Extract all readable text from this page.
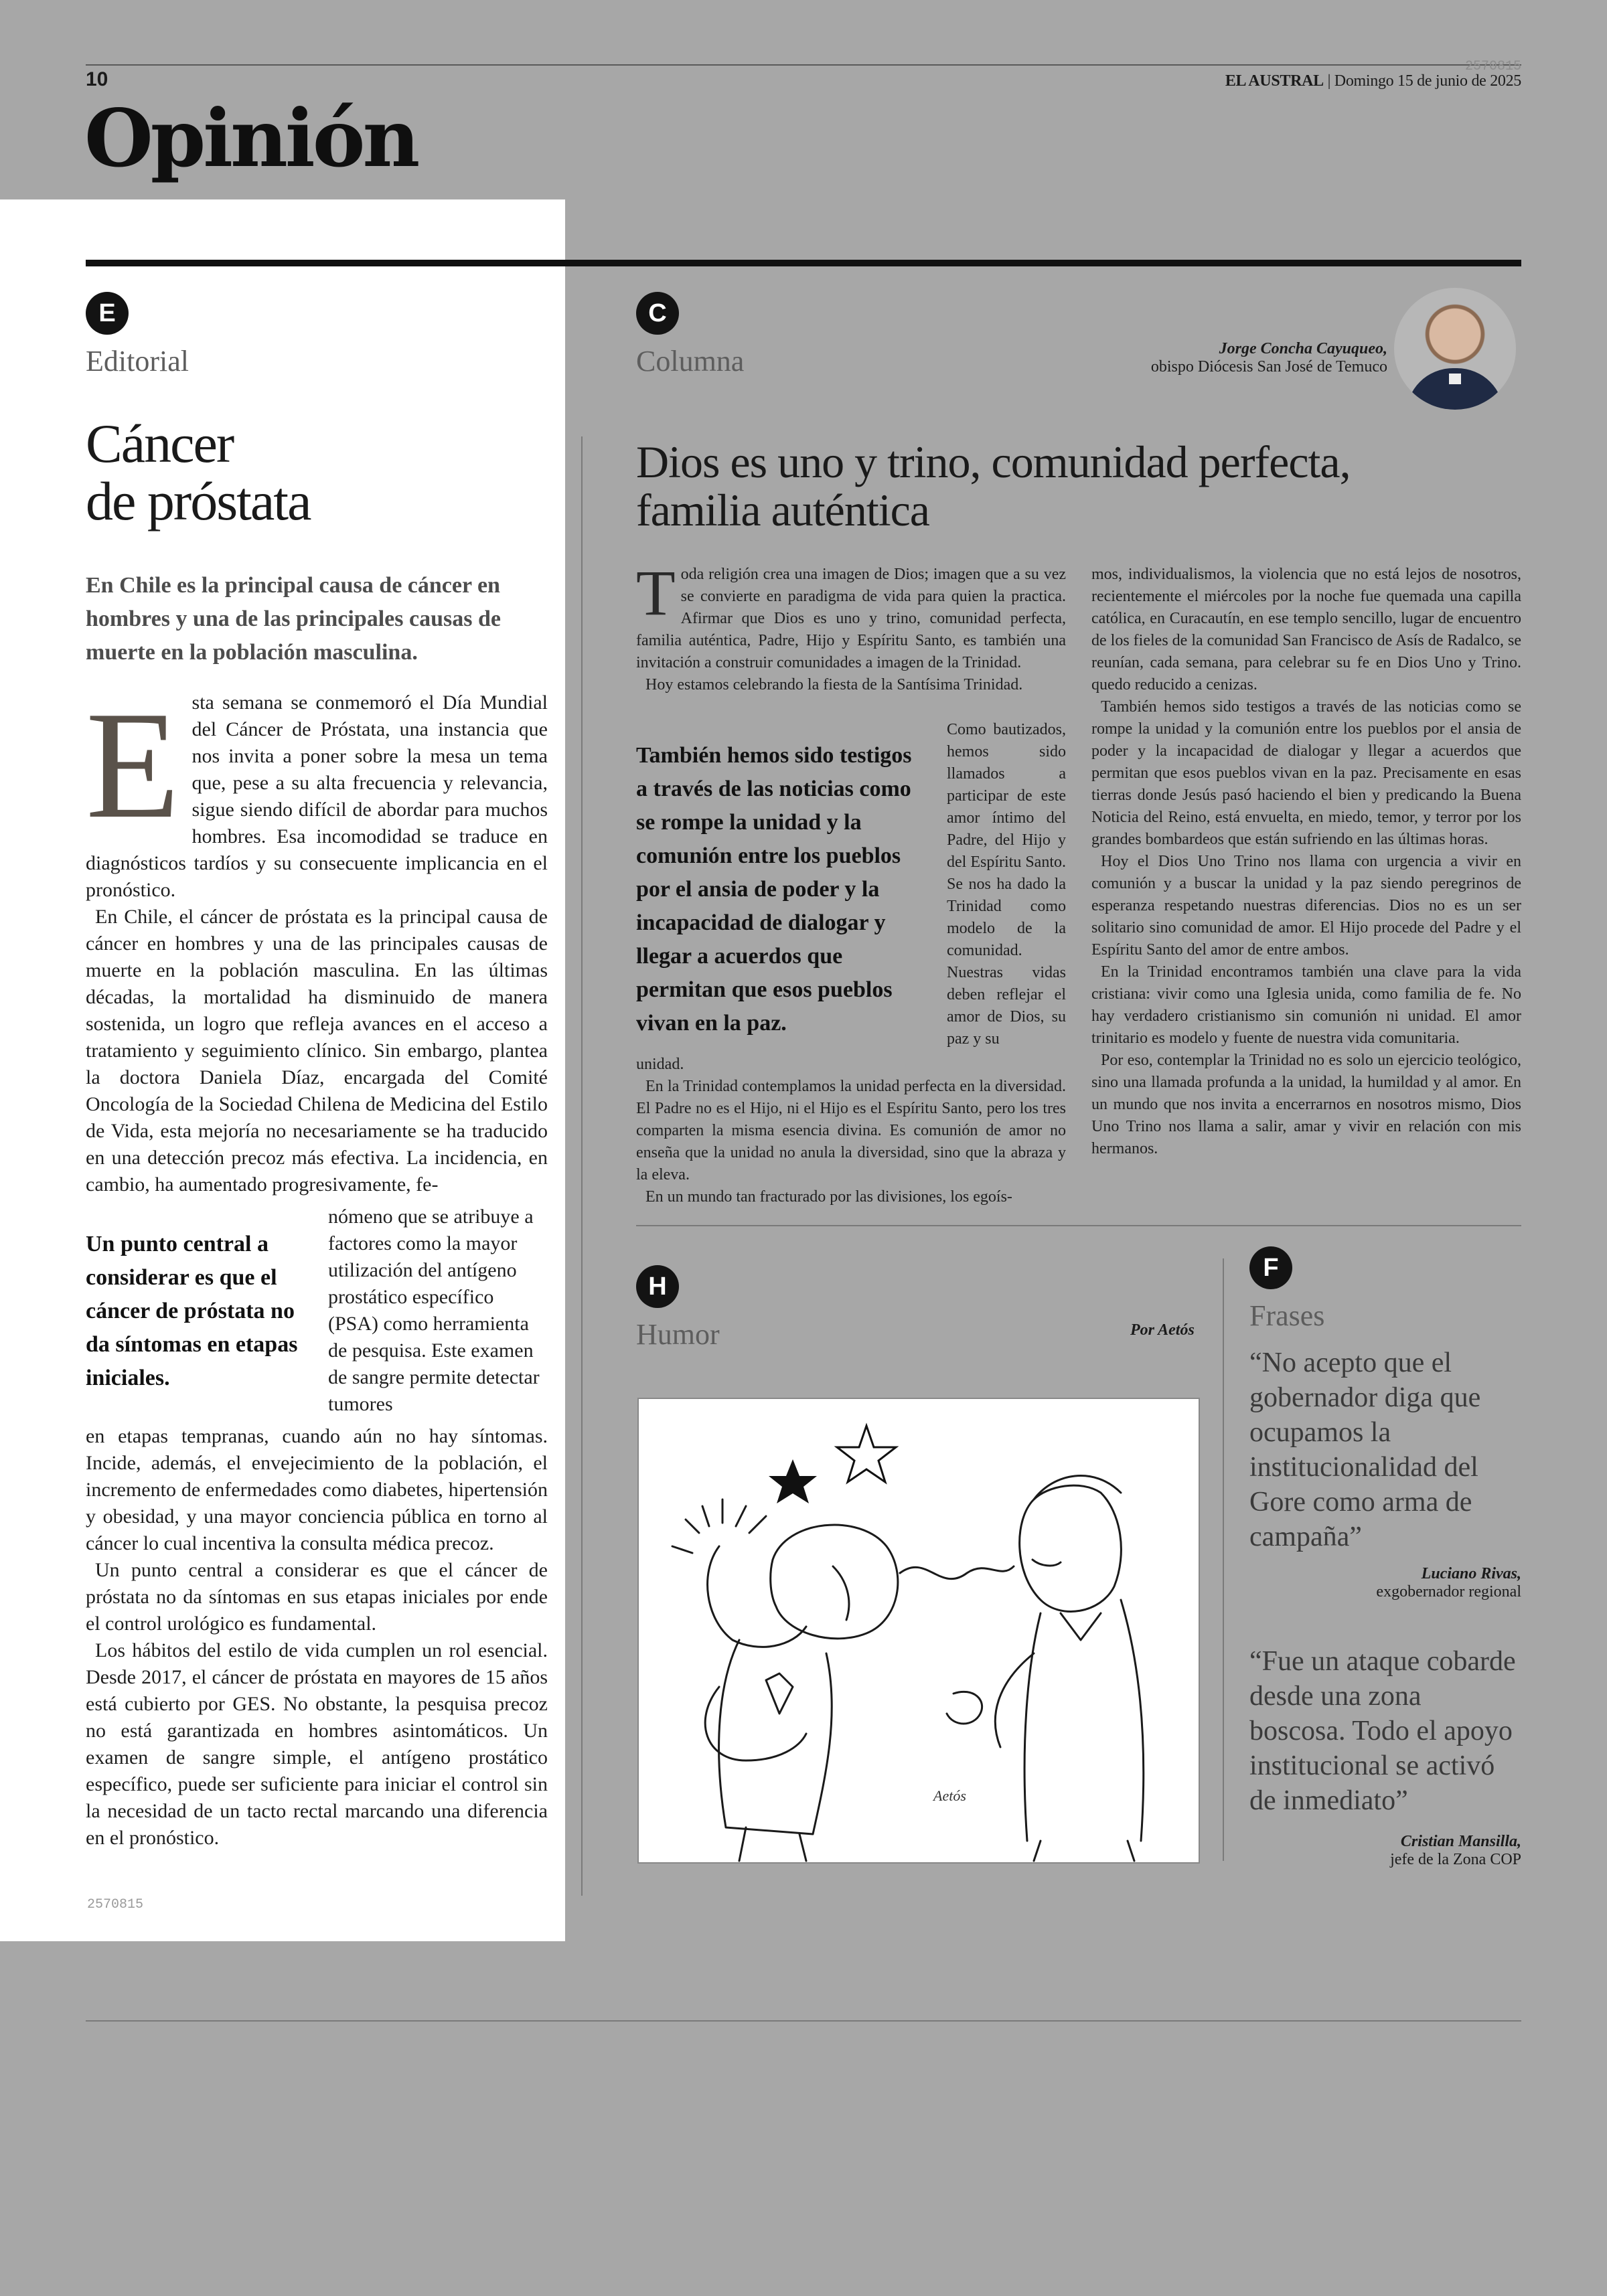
10
2570815
EL AUSTRAL | Domingo 15 de junio de 2025
Opinión
E
Editorial
Cáncer
de próstata
En Chile es la principal causa de cáncer en hombres y una de las principales causas de muerte en la población masculina.
E sta semana se conmemoró el Día Mundial del Cáncer de Próstata, una instancia que nos invita a poner sobre la mesa un tema que, pese a su alta frecuencia y relevancia, sigue siendo difícil de abordar para muchos hombres. Esa incomodidad se traduce en diagnósticos tardíos y su consecuente implicancia en el pronóstico.

En Chile, el cáncer de próstata es la principal causa de cáncer en hombres y una de las principales causas de muerte en la población masculina. En las últimas décadas, la mortalidad ha disminuido de manera sostenida, un logro que refleja avances en el acceso a tratamiento y seguimiento clínico. Sin embargo, plantea la doctora Daniela Díaz, encargada del Comité Oncología de la Sociedad Chilena de Medicina del Estilo de Vida, esta mejoría no necesariamente se ha traducido en una detección precoz más efectiva. La incidencia, en cambio, ha aumentado progresivamente, fe-

Un punto central a considerar es que el cáncer de próstata no da síntomas en etapas iniciales.
nómeno que se atribuye a factores como la mayor utilización del antígeno prostático específico (PSA) como herramienta de pesquisa. Este examen de sangre permite detectar tumores

en etapas tempranas, cuando aún no hay síntomas. Incide, además, el envejecimiento de la población, el incremento de enfermedades como diabetes, hipertensión y obesidad, y una mayor conciencia pública en torno al cáncer lo cual incentiva la consulta médica precoz.

Un punto central a considerar es que el cáncer de próstata no da síntomas en sus etapas iniciales por ende el control urológico es fundamental.

Los hábitos del estilo de vida cumplen un rol esencial. Desde 2017, el cáncer de próstata en mayores de 15 años está cubierto por GES. No obstante, la pesquisa precoz no está garantizada en hombres asintomáticos. Un examen de sangre simple, el antígeno prostático específico, puede ser suficiente para iniciar el control sin la necesidad de un tacto rectal marcando una diferencia en el pronóstico.

2570815
C
Columna	Jorge Concha Cayuqueo,
obispo Diócesis San José de Temuco
Dios es uno y trino, comunidad perfecta, familia auténtica
T oda religión crea una imagen de Dios; imagen que a su vez se convierte en paradigma de vida para quien la practica. Afirmar que Dios es uno y trino, comunidad perfecta, familia auténtica, Padre, Hijo y Espíritu Santo, es también una invitación a construir comunidades a imagen de la Trinidad.

Hoy estamos celebrando la fiesta de la Santísima Trinidad.

También hemos sido testigos a través de las noticias como se rompe la unidad y la comunión entre los pueblos por el ansia de poder y la incapacidad de dialogar y llegar a acuerdos que permitan que esos pueblos vivan en la paz.
Como bautizados, hemos sido llamados a participar de este amor íntimo del Padre, del Hijo y del Espíritu Santo. Se nos ha dado la Trinidad como modelo de la comunidad. Nuestras vidas deben reflejar el amor de Dios, su paz y su

unidad.

En la Trinidad contemplamos la unidad perfecta en la diversidad. El Padre no es el Hijo, ni el Hijo es el Espíritu Santo, pero los tres comparten la misma esencia divina. Es comunión de amor no enseña que la unidad no anula la diversidad, sino que la abraza y la eleva.

En un mundo tan fracturado por las divisiones, los egoís-

mos, individualismos, la violencia que no está lejos de nosotros, recientemente el miércoles por la noche fue quemada una capilla católica, en Curacautín, en ese templo sencillo, lugar de encuentro de los fieles de la comunidad San Francisco de Asís de Radalco, se reunían, cada semana, para celebrar su fe en Dios Uno y Trino. quedo reducido a cenizas.

También hemos sido testigos a través de las noticias como se rompe la unidad y la comunión entre los pueblos por el ansia de poder y la incapacidad de dialogar y llegar a acuerdos que permitan que esos pueblos vivan en la paz. Precisamente en esas tierras donde Jesús pasó haciendo el bien y predicando la Buena Noticia del Reino, está envuelta, en miedo, temor, y terror por los grandes bombardeos que están sufriendo en las últimas horas.

Hoy el Dios Uno Trino nos llama con urgencia a vivir en comunión y a buscar la unidad y la paz siendo peregrinos de esperanza respetando nuestras diferencias. Dios no es un ser solitario sino comunidad de amor. El Hijo procede del Padre y el Espíritu Santo del amor de entre ambos.

En la Trinidad encontramos también una clave para la vida cristiana: vivir como una Iglesia unida, como familia de fe. No hay verdadero cristianismo sin comunión ni unidad. El amor trinitario es modelo y fuente de nuestra vida comunitaria.

Por eso, contemplar la Trinidad no es solo un ejercicio teológico, sino una llamada profunda a la unidad, la humildad y al amor. En un mundo que nos invita a encerrarnos en nosotros mismo, Dios Uno Trino nos llama a salir, amar y vivir en relación con mis hermanos.

H
Humor	Por Aetós
Aetós
F
Frases
“No acepto que el gobernador diga que ocupamos la institucionalidad del Gore como arma de campaña”
Luciano Rivas,
exgobernador regional
“Fue un ataque cobarde desde una zona boscosa. Todo el apoyo institucional se activó de inmediato”
Cristian Mansilla,
jefe de la Zona COP
